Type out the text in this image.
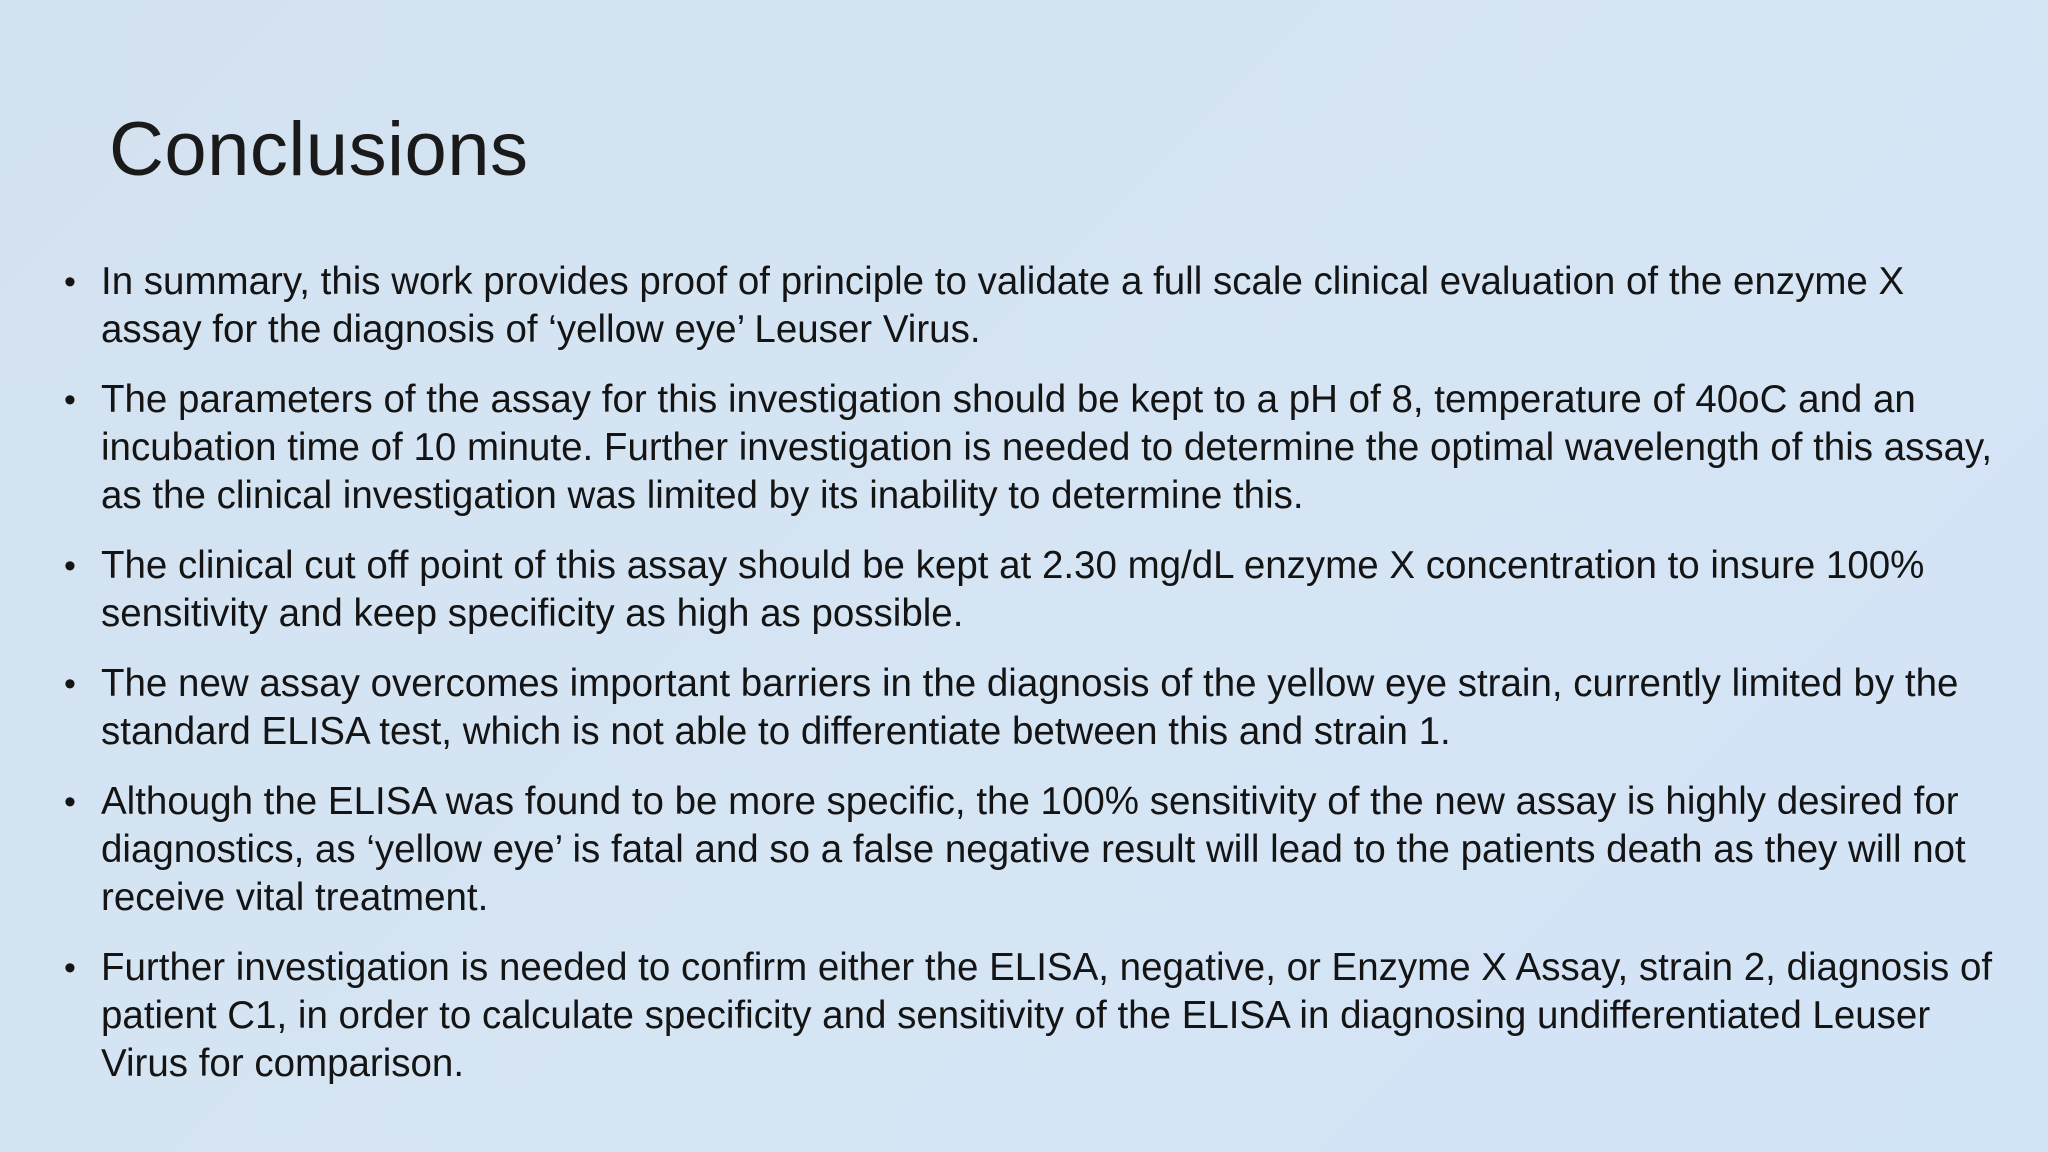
Conclusions
• In summary, this work provides proof of principle to validate a full scale clinical evaluation of the enzyme X assay for the diagnosis of ‘yellow eye’ Leuser Virus.
• The parameters of the assay for this investigation should be kept to a pH of 8, temperature of 40oC and an incubation time of 10 minute. Further investigation is needed to determine the optimal wavelength of this assay, as the clinical investigation was limited by its inability to determine this.
• The clinical cut off point of this assay should be kept at 2.30 mg/dL enzyme X concentration to insure 100% sensitivity and keep specificity as high as possible.
• The new assay overcomes important barriers in the diagnosis of the yellow eye strain, currently limited by the standard ELISA test, which is not able to differentiate between this and strain 1.
• Although the ELISA was found to be more specific, the 100% sensitivity of the new assay is highly desired for diagnostics, as ‘yellow eye’ is fatal and so a false negative result will lead to the patients death as they will not receive vital treatment.
• Further investigation is needed to confirm either the ELISA, negative, or Enzyme X Assay, strain 2, diagnosis of patient C1, in order to calculate specificity and sensitivity of the ELISA in diagnosing undifferentiated Leuser Virus for comparison.
